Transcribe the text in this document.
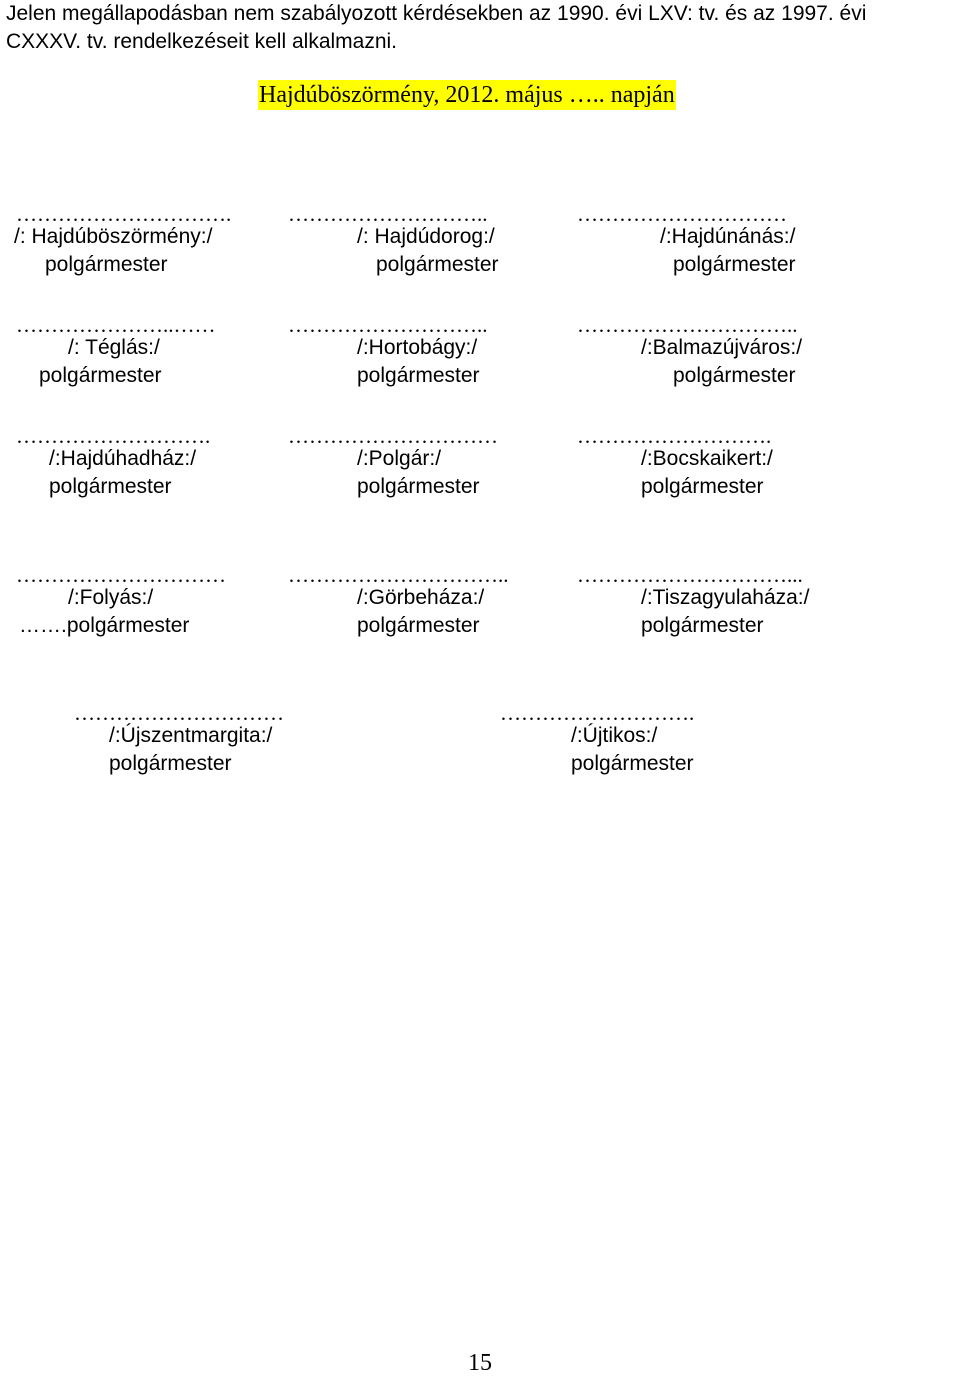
Jelen megállapodásban nem szabályozott kérdésekben az 1990. évi LXV: tv. és az 1997. évi
CXXXV. tv. rendelkezéseit kell alkalmazni.

Hajdúböszörmény, 2012. május ….. napján
………………………….
/: Hajdúböszörmény:/
polgármester
………………………..
/: Hajdúdorog:/
polgármester
…………………………
/:Hajdúnánás:/
polgármester
…………………..……
/: Téglás:/
polgármester
………………………..
/:Hortobágy:/
polgármester
…………………………..
/:Balmazújváros:/
polgármester
……………………….
/:Hajdúhadház:/
polgármester
…………………………
/:Polgár:/
polgármester
……………………….
/:Bocskaikert:/
polgármester
…………………………
/:Folyás:/
…….polgármester
…………………………..
/:Görbeháza:/
polgármester
…………………………...
/:Tiszagyulaháza:/
polgármester
…………………………
/:Újszentmargita:/
polgármester
……………………….
/:Újtikos:/
polgármester
15
